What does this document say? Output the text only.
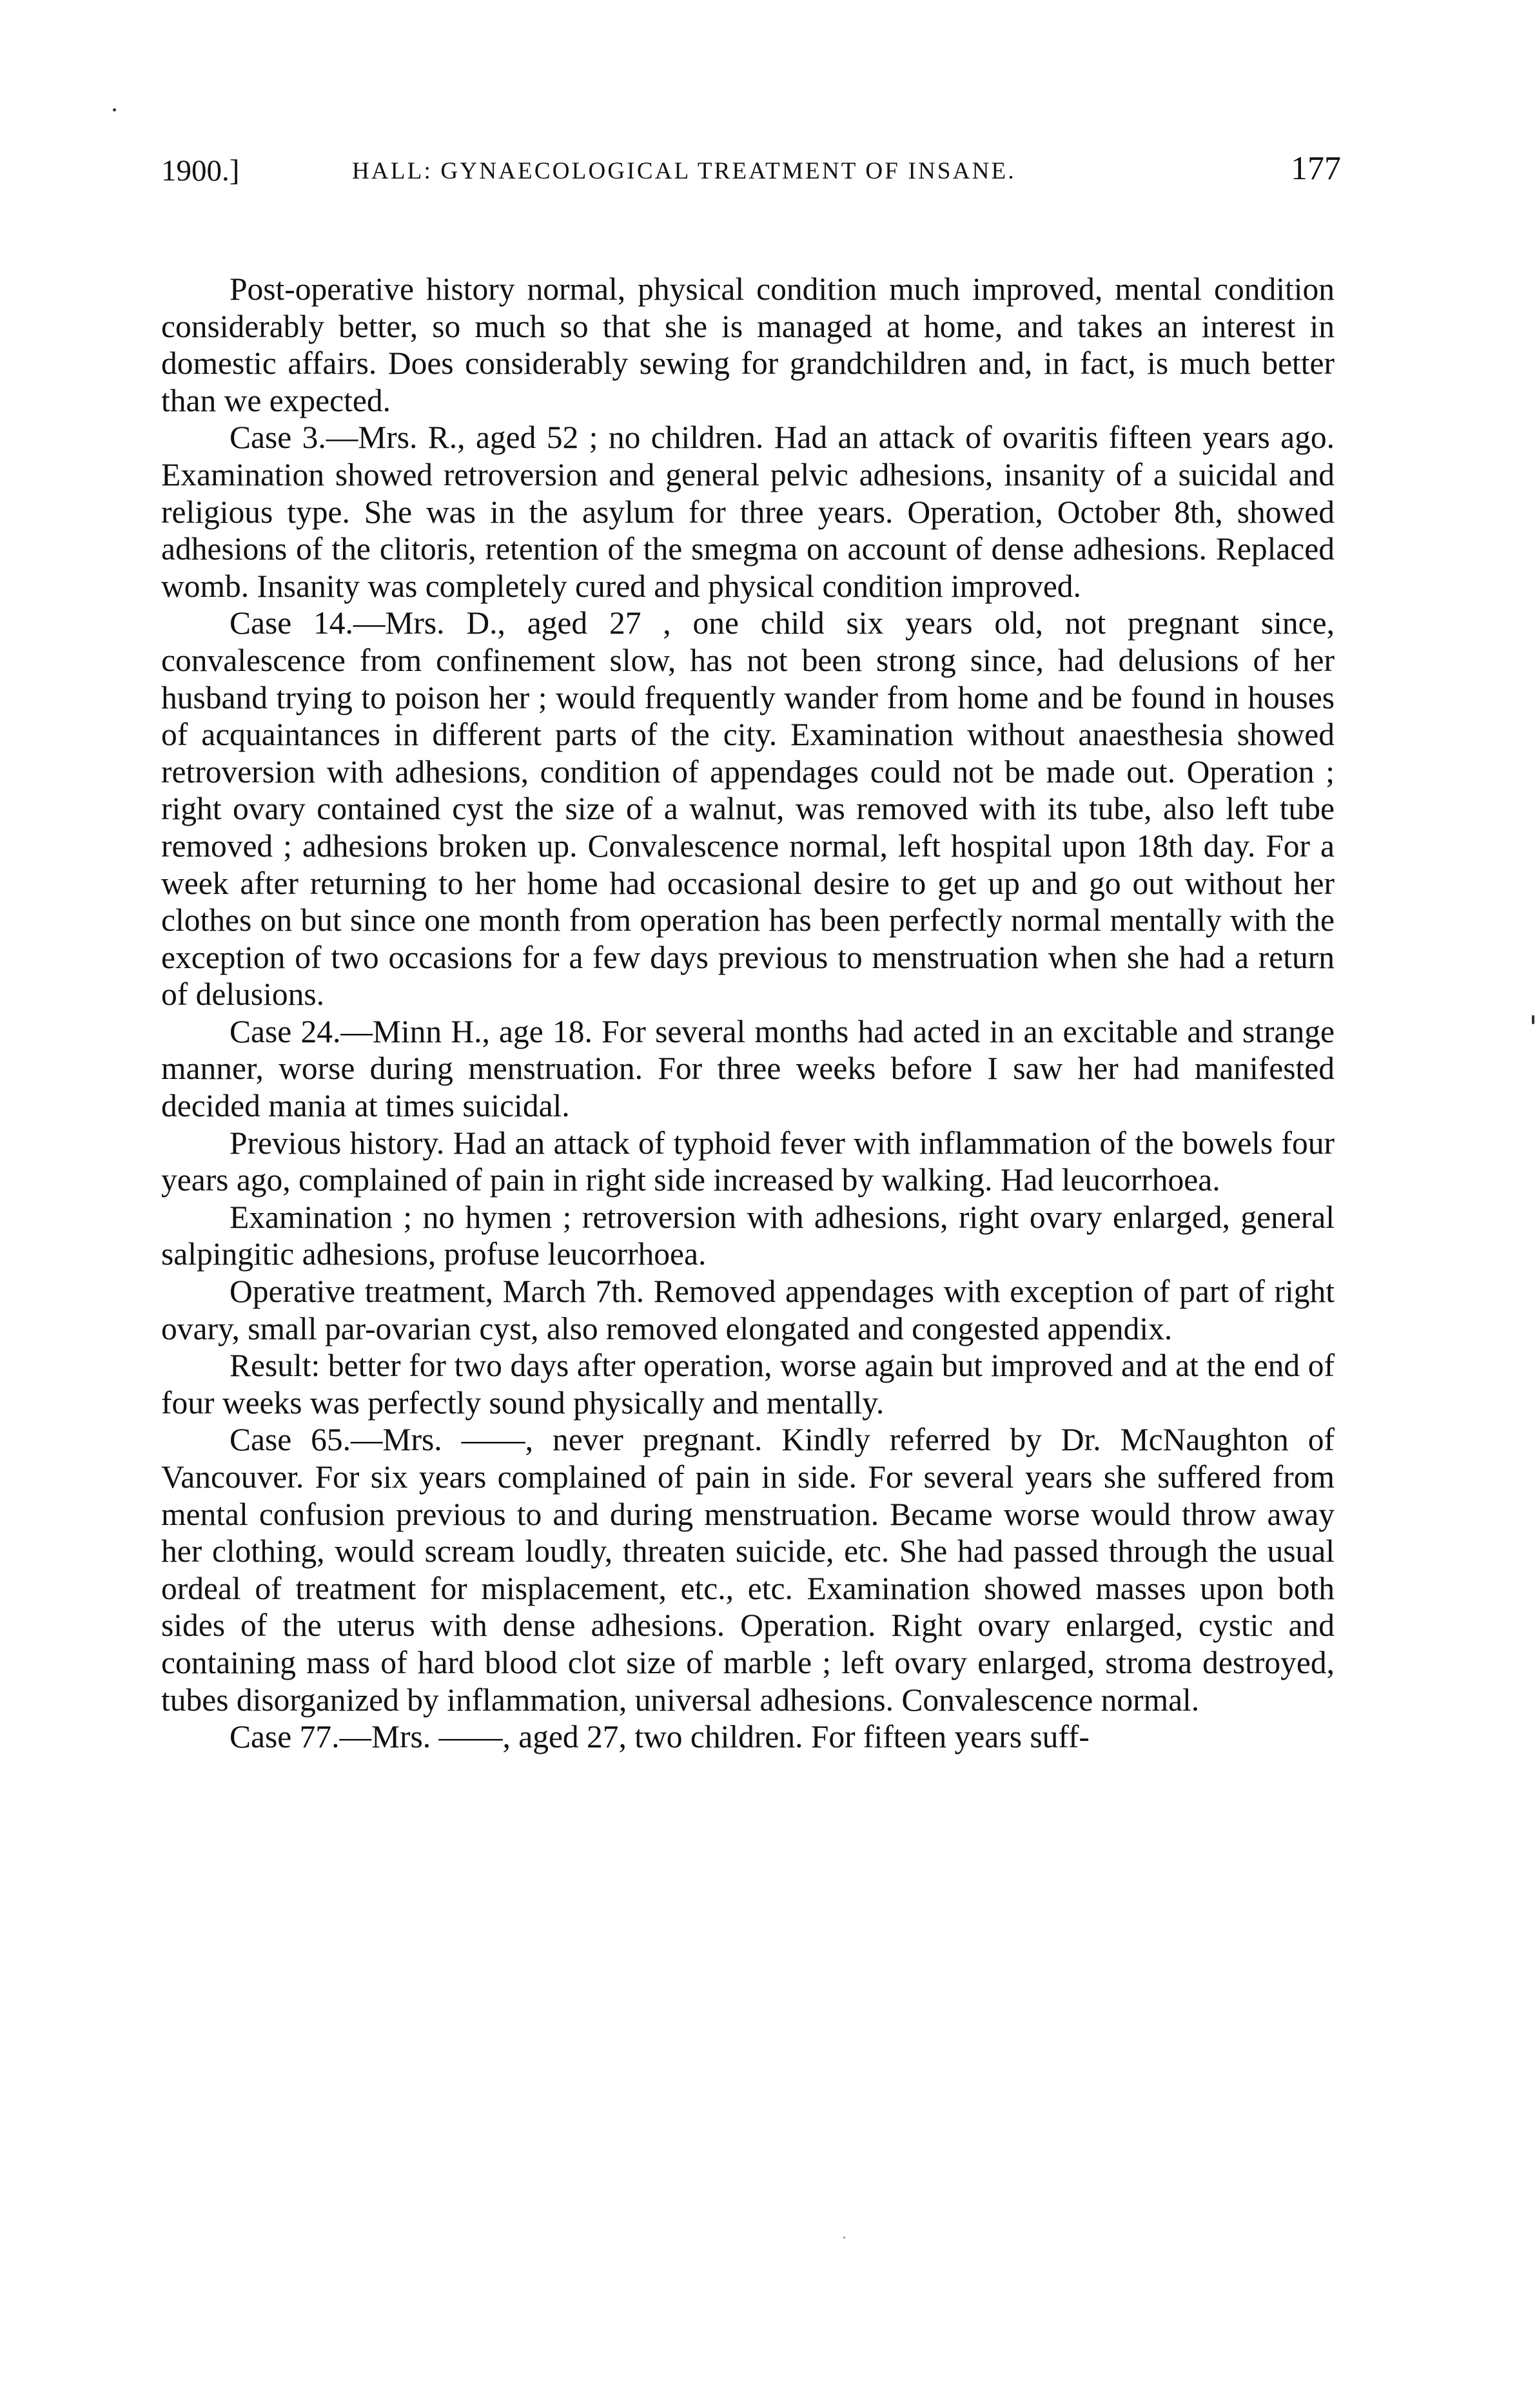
1900.]	HALL: GYNAECOLOGICAL TREATMENT OF INSANE.	177

Post-operative history normal, physical condition much improved, mental condition considerably better, so much so that she is managed at home, and takes an interest in domestic affairs. Does considerably sewing for grandchildren and, in fact, is much better than we expected.

Case 3.—Mrs. R., aged 52 ; no children. Had an attack of ovaritis fifteen years ago. Examination showed retroversion and general pelvic adhesions, insanity of a suicidal and religious type. She was in the asylum for three years. Operation, October 8th, showed adhesions of the clitoris, retention of the smegma on account of dense adhesions. Replaced womb. Insanity was completely cured and physical condition improved.

Case 14.—Mrs. D., aged 27 , one child six years old, not pregnant since, convalescence from confinement slow, has not been strong since, had delusions of her husband trying to poison her ; would frequently wander from home and be found in houses of acquaintances in different parts of the city. Examination without anaesthesia showed retroversion with adhesions, condition of appendages could not be made out. Operation ; right ovary contained cyst the size of a walnut, was removed with its tube, also left tube removed ; adhesions broken up. Convalescence normal, left hospital upon 18th day. For a week after returning to her home had occasional desire to get up and go out without her clothes on but since one month from operation has been perfectly normal mentally with the exception of two occasions for a few days previous to menstruation when she had a return of delusions.

Case 24.—Minn H., age 18. For several months had acted in an excitable and strange manner, worse during menstruation. For three weeks before I saw her had manifested decided mania at times suicidal.

Previous history. Had an attack of typhoid fever with inflammation of the bowels four years ago, complained of pain in right side increased by walking. Had leucorrhoea.

Examination ; no hymen ; retroversion with adhesions, right ovary enlarged, general salpingitic adhesions, profuse leucorrhoea.

Operative treatment, March 7th. Removed appendages with exception of part of right ovary, small par-ovarian cyst, also removed elongated and congested appendix.

Result: better for two days after operation, worse again but improved and at the end of four weeks was perfectly sound physically and mentally.

Case 65.—Mrs. ——, never pregnant. Kindly referred by Dr. McNaughton of Vancouver. For six years complained of pain in side. For several years she suffered from mental confusion previous to and during menstruation. Became worse would throw away her clothing, would scream loudly, threaten suicide, etc. She had passed through the usual ordeal of treatment for misplacement, etc., etc. Examination showed masses upon both sides of the uterus with dense adhesions. Operation. Right ovary enlarged, cystic and containing mass of hard blood clot size of marble ; left ovary enlarged, stroma destroyed, tubes disorganized by inflammation, universal adhesions. Convalescence normal.

Case 77.—Mrs. ——, aged 27, two children. For fifteen years suff-
